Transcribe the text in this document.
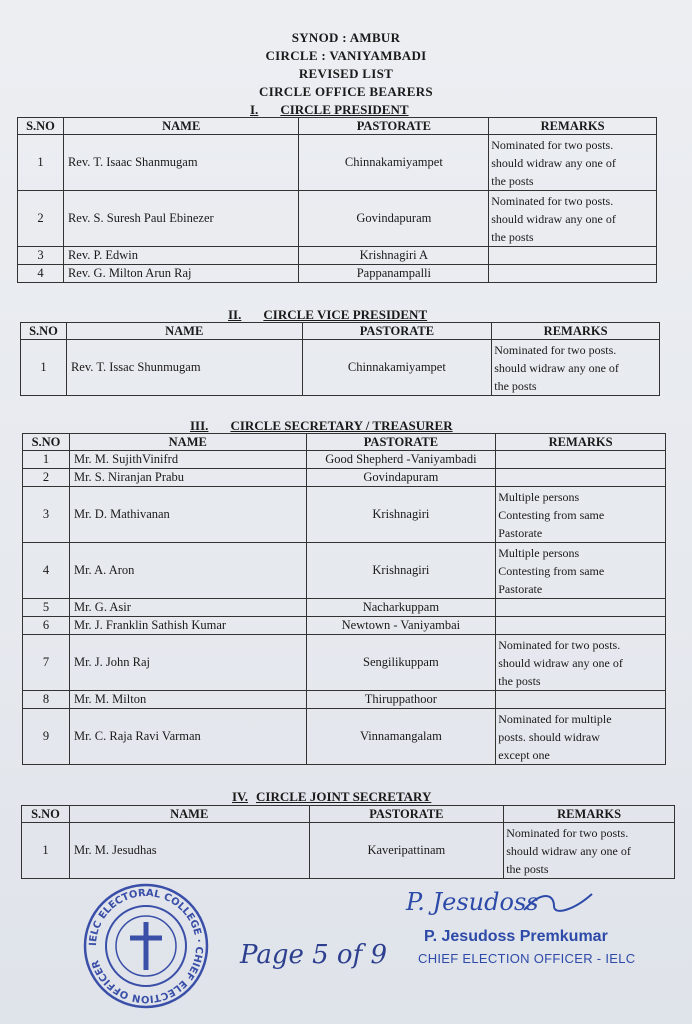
SYNOD : AMBUR
CIRCLE : VANIYAMBADI
REVISED LIST
CIRCLE OFFICE BEARERS
I. CIRCLE PRESIDENT
S.NO	NAME	PASTORATE	REMARKS
1	Rev. T. Isaac Shanmugam	Chinnakamiyampet	Nominated for two posts.
should widraw any one of
the posts

2	Rev. S. Suresh Paul Ebinezer	Govindapuram	Nominated for two posts.
should widraw any one of
the posts

3	Rev. P. Edwin	Krishnagiri A	
4	Rev. G. Milton Arun Raj	Pappanampalli	
II. CIRCLE VICE PRESIDENT
S.NO	NAME	PASTORATE	REMARKS
1	Rev. T. Issac Shunmugam	Chinnakamiyampet	Nominated for two posts.
should widraw any one of
the posts
III. CIRCLE SECRETARY / TREASURER
S.NO	NAME	PASTORATE	REMARKS
1	Mr. M. SujithVinifrd	Good Shepherd -Vaniyambadi	
2	Mr. S. Niranjan Prabu	Govindapuram	
3	Mr. D. Mathivanan	Krishnagiri	Multiple persons
Contesting from same
Pastorate

4	Mr. A. Aron	Krishnagiri	Multiple persons
Contesting from same
Pastorate

5	Mr. G. Asir	Nacharkuppam	
6	Mr. J. Franklin Sathish Kumar	Newtown - Vaniyambai	
7	Mr. J. John Raj	Sengilikuppam	Nominated for two posts.
should widraw any one of
the posts

8	Mr. M. Milton	Thiruppathoor	
9	Mr. C. Raja Ravi Varman	Vinnamangalam	Nominated for multiple
posts. should widraw
except one
IV. CIRCLE JOINT SECRETARY
S.NO	NAME	PASTORATE	REMARKS
1	Mr. M. Jesudhas	Kaveripattinam	Nominated for two posts.
should widraw any one of
the posts
IELC ELECTORAL COLLEGE · CHIEF ELECTION OFFICER	Page 5 of 9
P. Jesudoss
P. Jesudoss Premkumar
CHIEF ELECTION OFFICER - IELC
